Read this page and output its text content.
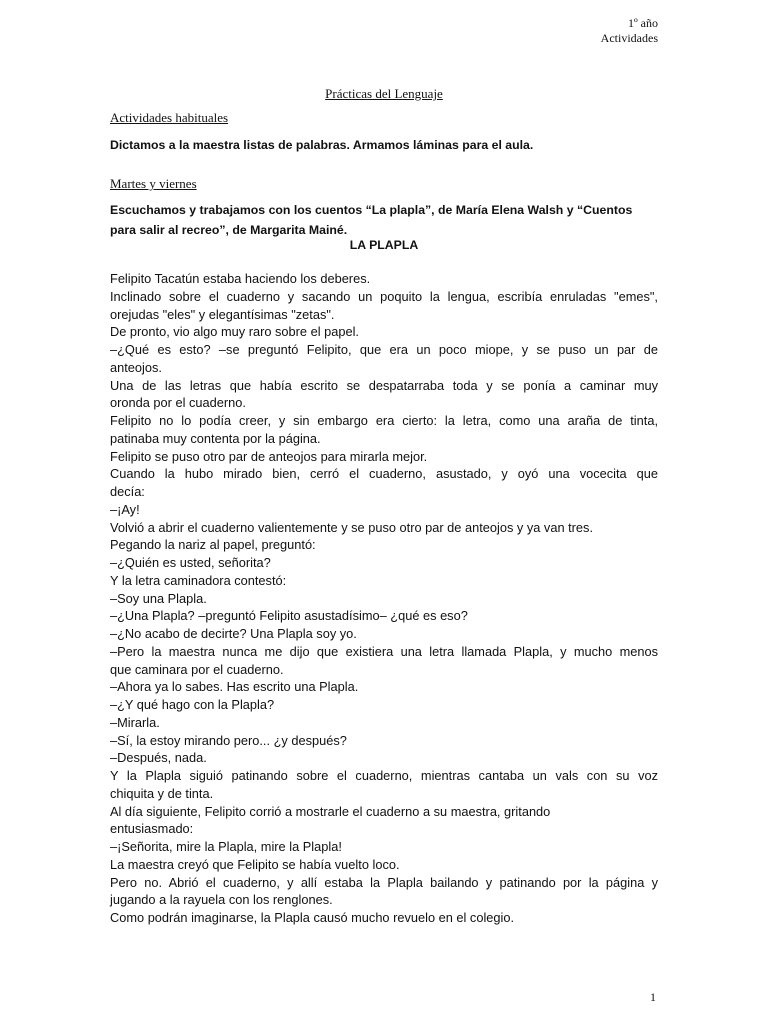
1º año
Actividades
Prácticas del Lenguaje
Actividades habituales
Dictamos a la maestra listas de palabras. Armamos láminas para el aula.
Martes y viernes
Escuchamos y trabajamos con los cuentos “La plapla”, de María Elena Walsh y “Cuentos para salir al recreo”, de Margarita Mainé.
LA PLAPLA
Felipito Tacatún estaba haciendo los deberes.
Inclinado sobre el cuaderno y sacando un poquito la lengua, escribía enruladas "emes",
orejudas "eles" y elegantísimas "zetas".
De pronto, vio algo muy raro sobre el papel.
–¿Qué es esto? –se preguntó Felipito, que era un poco miope, y se puso un par de
anteojos.
Una de las letras que había escrito se despatarraba toda y se ponía a caminar muy
oronda por el cuaderno.
Felipito no lo podía creer, y sin embargo era cierto: la letra, como una araña de tinta,
patinaba muy contenta por la página.
Felipito se puso otro par de anteojos para mirarla mejor.
Cuando la hubo mirado bien, cerró el cuaderno, asustado, y oyó una vocecita que
decía:
–¡Ay!
Volvió a abrir el cuaderno valientemente y se puso otro par de anteojos y ya van tres.
Pegando la nariz al papel, preguntó:
–¿Quién es usted, señorita?
Y la letra caminadora contestó:
–Soy una Plapla.
–¿Una Plapla? –preguntó Felipito asustadísimo– ¿qué es eso?
–¿No acabo de decirte? Una Plapla soy yo.
–Pero la maestra nunca me dijo que existiera una letra llamada Plapla, y mucho menos
que caminara por el cuaderno.
–Ahora ya lo sabes. Has escrito una Plapla.
–¿Y qué hago con la Plapla?
–Mirarla.
–Sí, la estoy mirando pero... ¿y después?
–Después, nada.
Y la Plapla siguió patinando sobre el cuaderno, mientras cantaba un vals con su voz
chiquita y de tinta.
Al día siguiente, Felipito corrió a mostrarle el cuaderno a su maestra, gritando
entusiasmado:
–¡Señorita, mire la Plapla, mire la Plapla!
La maestra creyó que Felipito se había vuelto loco.
Pero no. Abrió el cuaderno, y allí estaba la Plapla bailando y patinando por la página y
jugando a la rayuela con los renglones.
Como podrán imaginarse, la Plapla causó mucho revuelo en el colegio.
1
